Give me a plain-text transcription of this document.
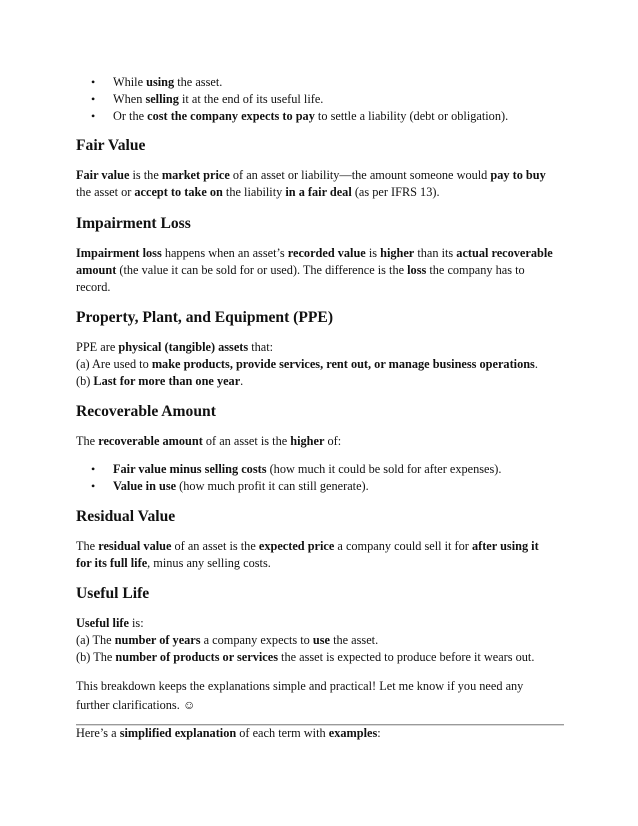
• While using the asset.
• When selling it at the end of its useful life.
• Or the cost the company expects to pay to settle a liability (debt or obligation).
Fair Value

Fair value is the market price of an asset or liability—the amount someone would pay to buy
the asset or accept to take on the liability in a fair deal (as per IFRS 13).

Impairment Loss

Impairment loss happens when an asset’s recorded value is higher than its actual recoverable
amount (the value it can be sold for or used). The difference is the loss the company has to
record.

Property, Plant, and Equipment (PPE)

PPE are physical (tangible) assets that:
(a) Are used to make products, provide services, rent out, or manage business operations.
(b) Last for more than one year.

Recoverable Amount

The recoverable amount of an asset is the higher of:

• Fair value minus selling costs (how much it could be sold for after expenses).
• Value in use (how much profit it can still generate).
Residual Value

The residual value of an asset is the expected price a company could sell it for after using it
for its full life, minus any selling costs.

Useful Life

Useful life is:
(a) The number of years a company expects to use the asset.
(b) The number of products or services the asset is expected to produce before it wears out.

This breakdown keeps the explanations simple and practical! Let me know if you need any
further clarifications. ☺

Here’s a simplified explanation of each term with examples:
